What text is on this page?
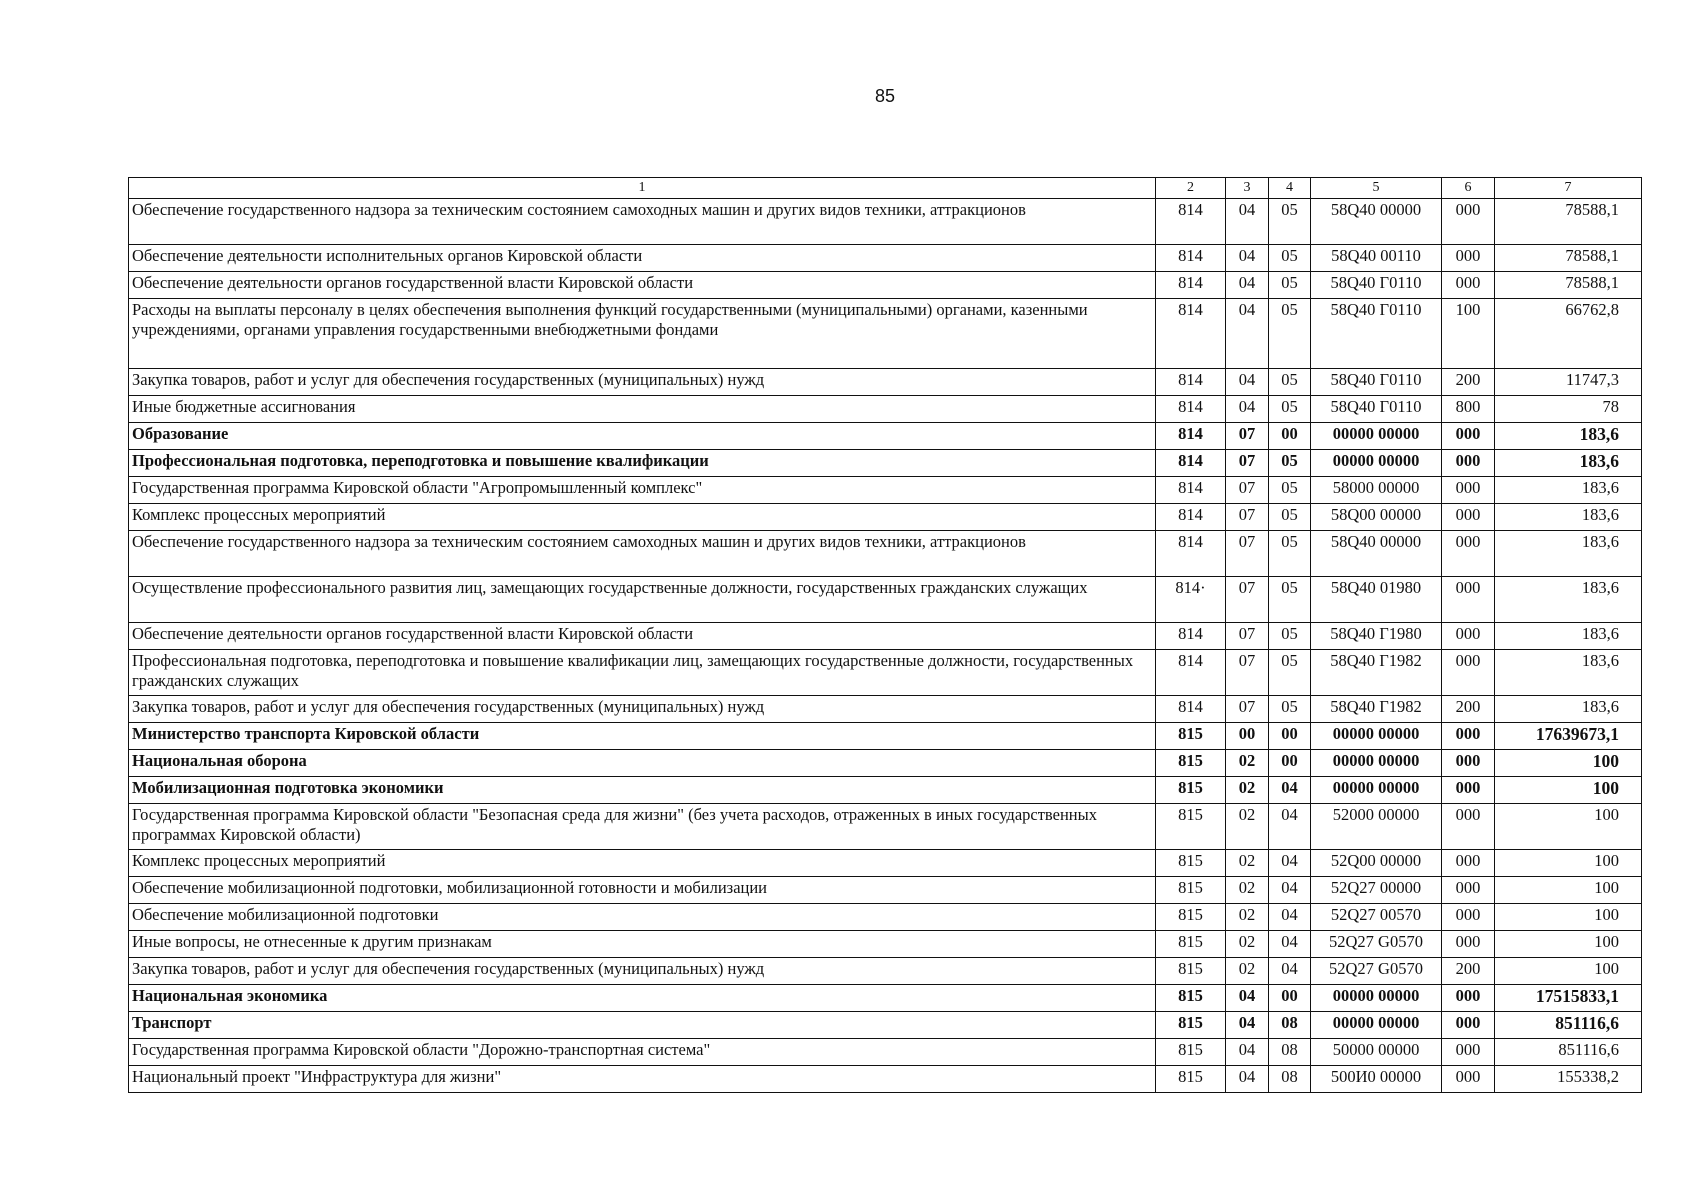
85
1	2	3	4	5	6	7
Обеспечение государственного надзора за техническим состоянием самоходных машин и других видов техники, аттракционов	814	04	05	58Q40 00000	000	78588,1
Обеспечение деятельности исполнительных органов Кировской области	814	04	05	58Q40 00110	000	78588,1
Обеспечение деятельности органов государственной власти Кировской области	814	04	05	58Q40 Г0110	000	78588,1
Расходы на выплаты персоналу в целях обеспечения выполнения функций государственными (муниципальными) органами, казенными учреждениями, органами управления государственными внебюджетными фондами	814	04	05	58Q40 Г0110	100	66762,8
Закупка товаров, работ и услуг для обеспечения государственных (муниципальных) нужд	814	04	05	58Q40 Г0110	200	11747,3
Иные бюджетные ассигнования	814	04	05	58Q40 Г0110	800	78
Образование	814	07	00	00000 00000	000	183,6
Профессиональная подготовка, переподготовка и повышение квалификации	814	07	05	00000 00000	000	183,6
Государственная программа Кировской области "Агропромышленный комплекс"	814	07	05	58000 00000	000	183,6
Комплекс процессных мероприятий	814	07	05	58Q00 00000	000	183,6
Обеспечение государственного надзора за техническим состоянием самоходных машин и других видов техники, аттракционов	814	07	05	58Q40 00000	000	183,6
Осуществление профессионального развития лиц, замещающих государственные должности, государственных гражданских служащих	814·	07	05	58Q40 01980	000	183,6
Обеспечение деятельности органов государственной власти Кировской области	814	07	05	58Q40 Г1980	000	183,6
Профессиональная подготовка, переподготовка и повышение квалификации лиц, замещающих государственные должности, государственных гражданских служащих	814	07	05	58Q40 Г1982	000	183,6
Закупка товаров, работ и услуг для обеспечения государственных (муниципальных) нужд	814	07	05	58Q40 Г1982	200	183,6
Министерство транспорта Кировской области	815	00	00	00000 00000	000	17639673,1
Национальная оборона	815	02	00	00000 00000	000	100
Мобилизационная подготовка экономики	815	02	04	00000 00000	000	100
Государственная программа Кировской области "Безопасная среда для жизни" (без учета расходов, отраженных в иных государственных программах Кировской области)	815	02	04	52000 00000	000	100
Комплекс процессных мероприятий	815	02	04	52Q00 00000	000	100
Обеспечение мобилизационной подготовки, мобилизационной готовности и мобилизации	815	02	04	52Q27 00000	000	100
Обеспечение мобилизационной подготовки	815	02	04	52Q27 00570	000	100
Иные вопросы, не отнесенные к другим признакам	815	02	04	52Q27 G0570	000	100
Закупка товаров, работ и услуг для обеспечения государственных (муниципальных) нужд	815	02	04	52Q27 G0570	200	100
Национальная экономика	815	04	00	00000 00000	000	17515833,1
Транспорт	815	04	08	00000 00000	000	851116,6
Государственная программа Кировской области "Дорожно-транспортная система"	815	04	08	50000 00000	000	851116,6
Национальный проект "Инфраструктура для жизни"	815	04	08	500И0 00000	000	155338,2
